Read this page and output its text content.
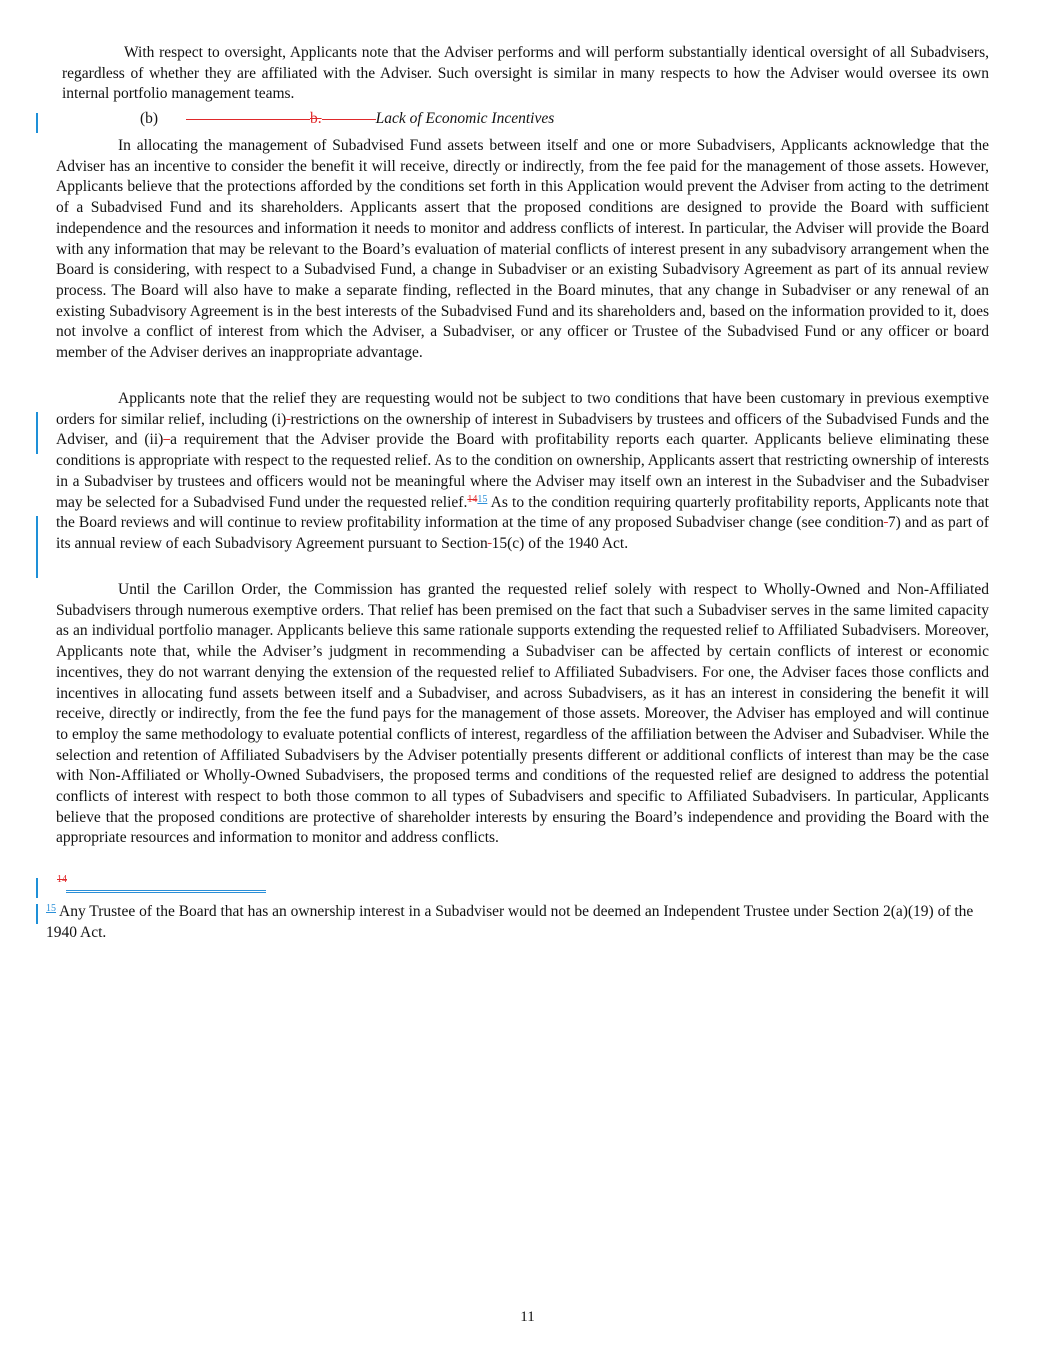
With respect to oversight, Applicants note that the Adviser performs and will perform substantially identical oversight of all Subadvisers, regardless of whether they are affiliated with the Adviser. Such oversight is similar in many respects to how the Adviser would oversee its own internal portfolio management teams.

(b)	b.	Lack of Economic Incentives

In allocating the management of Subadvised Fund assets between itself and one or more Subadvisers, Applicants acknowledge that the Adviser has an incentive to consider the benefit it will receive, directly or indirectly, from the fee paid for the management of those assets. However, Applicants believe that the protections afforded by the conditions set forth in this Application would prevent the Adviser from acting to the detriment of a Subadvised Fund and its shareholders. Applicants assert that the proposed conditions are designed to provide the Board with sufficient independence and the resources and information it needs to monitor and address conflicts of interest. In particular, the Adviser will provide the Board with any information that may be relevant to the Board’s evaluation of material conflicts of interest present in any subadvisory arrangement when the Board is considering, with respect to a Subadvised Fund, a change in Subadviser or an existing Subadvisory Agreement as part of its annual review process. The Board will also have to make a separate finding, reflected in the Board minutes, that any change in Subadviser or any renewal of an existing Subadvisory Agreement is in the best interests of the Subadvised Fund and its shareholders and, based on the information provided to it, does not involve a conflict of interest from which the Adviser, a Subadviser, or any officer or Trustee of the Subadvised Fund or any officer or board member of the Adviser derives an inappropriate advantage.

Applicants note that the relief they are requesting would not be subject to two conditions that have been customary in previous exemptive orders for similar relief, including (i) restrictions on the ownership of interest in Subadvisers by trustees and officers of the Subadvised Funds and the Adviser, and (ii) a requirement that the Adviser provide the Board with profitability reports each quarter. Applicants believe eliminating these conditions is appropriate with respect to the requested relief. As to the condition on ownership, Applicants assert that restricting ownership of interests in a Subadviser by trustees and officers would not be meaningful where the Adviser may itself own an interest in the Subadviser and the Subadviser may be selected for a Subadvised Fund under the requested relief.$^{1415}$ As to the condition requiring quarterly profitability reports, Applicants note that the Board reviews and will continue to review profitability information at the time of any proposed Subadviser change (see condition 7) and as part of its annual review of each Subadvisory Agreement pursuant to Section 15(c) of the 1940 Act.

Until the Carillon Order, the Commission has granted the requested relief solely with respect to Wholly-Owned and Non-Affiliated Subadvisers through numerous exemptive orders. That relief has been premised on the fact that such a Subadviser serves in the same limited capacity as an individual portfolio manager. Applicants believe this same rationale supports extending the requested relief to Affiliated Subadvisers. Moreover, Applicants note that, while the Adviser’s judgment in recommending a Subadviser can be affected by certain conflicts of interest or economic incentives, they do not warrant denying the extension of the requested relief to Affiliated Subadvisers. For one, the Adviser faces those conflicts and incentives in allocating fund assets between itself and a Subadviser, and across Subadvisers, as it has an interest in considering the benefit it will receive, directly or indirectly, from the fee the fund pays for the management of those assets. Moreover, the Adviser has employed and will continue to employ the same methodology to evaluate potential conflicts of interest, regardless of the affiliation between the Adviser and Subadviser. While the selection and retention of Affiliated Subadvisers by the Adviser potentially presents different or additional conflicts of interest than may be the case with Non-Affiliated or Wholly-Owned Subadvisers, the proposed terms and conditions of the requested relief are designed to address the potential conflicts of interest with respect to both those common to all types of Subadvisers and specific to Affiliated Subadvisers. In particular, Applicants believe that the proposed conditions are protective of shareholder interests by ensuring the Board’s independence and providing the Board with the appropriate resources and information to monitor and address conflicts.

14
$^{15}$ Any Trustee of the Board that has an ownership interest in a Subadviser would not be deemed an Independent Trustee under Section 2(a)(19) of the 1940 Act.
11
